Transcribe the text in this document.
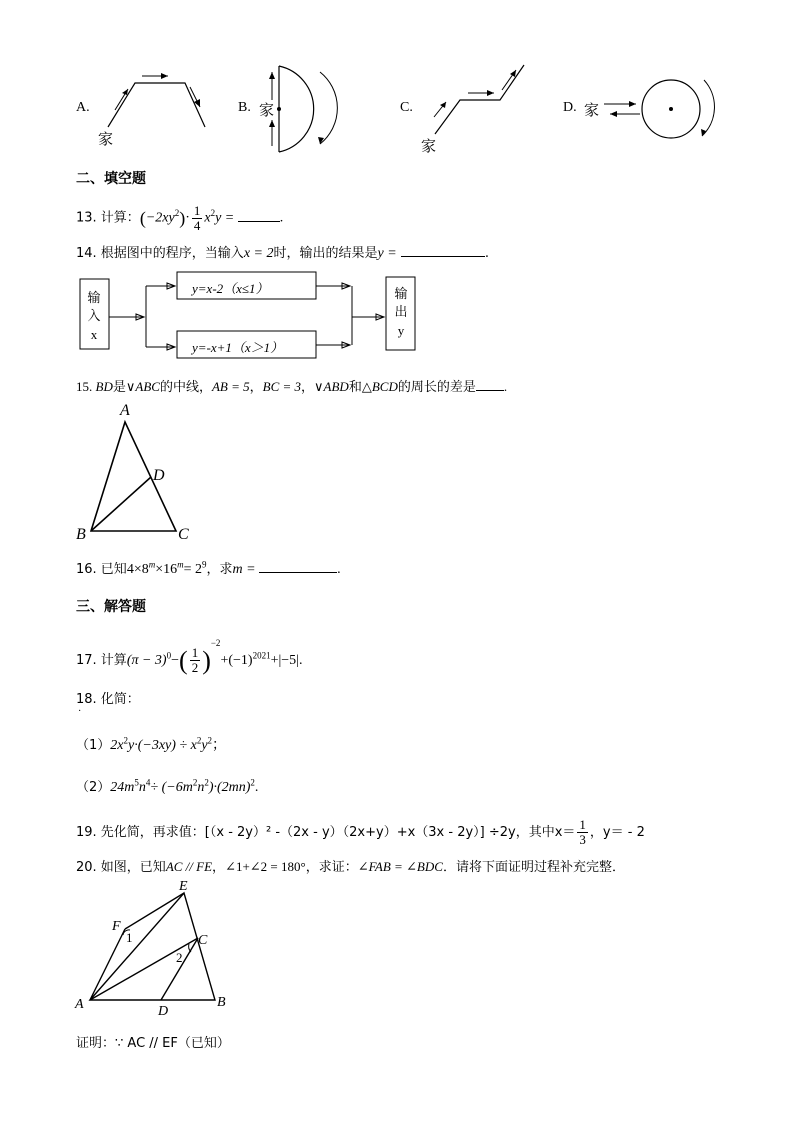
A.
家
B. 家	C.
家
D. 家
二、填空题
13. 计算：$(-2xy^2)\cdot \frac{1}{4} x^2y$ =	.
14. 根据图中的程序，当输入x = 2时，输出的结果是y =	.
输
入
x
y=x-2（x≤1）
y=-x+1（x＞1）
输
出
y
15. BD是∨ABC的中线，AB = 5，BC = 3，∨ABD和△BCD的周长的差是 .
A
D
B	C
16. 已知$4\times 8^m\times 16^m= 2^9$，求m =	.
三、解答题
17. 计算$(\pi - 3)^0-( \frac{1}{2} )^{-2}+(-1)^{2021}+|-5|$.
18. 化简：
·
$(1)2x^2y\cdot(-3xy) \div x^2y^2$；
$(2)24m^5n^4\div (-6m^2n^2)\cdot(2mn)^2$.
19. 先化简，再求值：[（x - 2y）² -（2x - y）（2x+y）+x（3x - 2y）] ÷2y，其中$x= \frac{1}{3}$ ，y＝ - 2
20. 如图，已知AC // FE，∠1+∠2 = 180°，求证：∠FAB = ∠BDC．请将下面证明过程补充完整．
E
F
1	C
2
A	D
B
证明：∵ AC // EF（已知）
